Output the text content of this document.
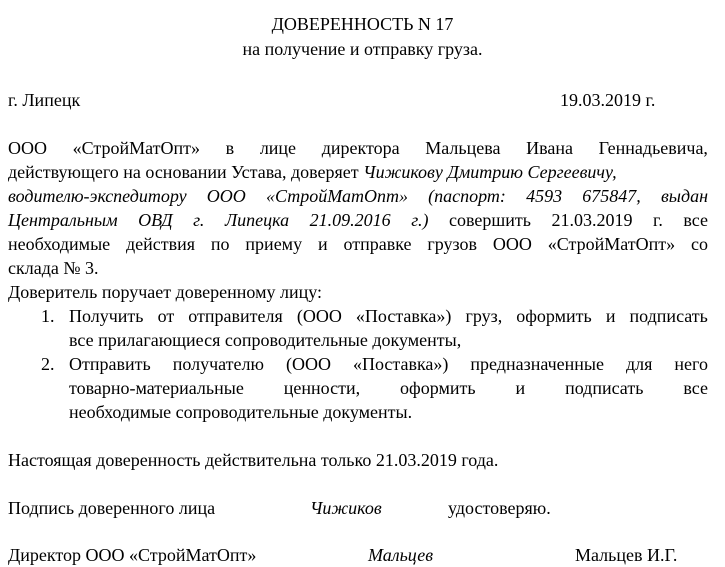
ДОВЕРЕННОСТЬ N 17
на получение и отправку груза.
г. Липецк	19.03.2019 г.
ООО «СтройМатОпт» в лице директора Мальцева Ивана Геннадьевича,
действующего на основании Устава, доверяет Чижикову Дмитрию Сергеевичу,
водителю-экспедитору ООО «СтройМатОпт» (паспорт: 4593 675847, выдан
Центральным ОВД г. Липецка 21.09.2016 г.) совершить 21.03.2019 г. все
необходимые действия по приему и отправке грузов ООО «СтройМатОпт» со
склада № 3.
Доверитель поручает доверенному лицу:
1. Получить от отправителя (ООО «Поставка») груз, оформить и подписать
все прилагающиеся сопроводительные документы,
2. Отправить получателю (ООО «Поставка») предназначенные для него
товарно-материальные ценности, оформить и подписать все
необходимые сопроводительные документы.
Настоящая доверенность действительна только 21.03.2019 года.
Подпись доверенного лица	Чижиков	удостоверяю.
Директор ООО «СтройМатОпт»	Мальцев	Мальцев И.Г.
